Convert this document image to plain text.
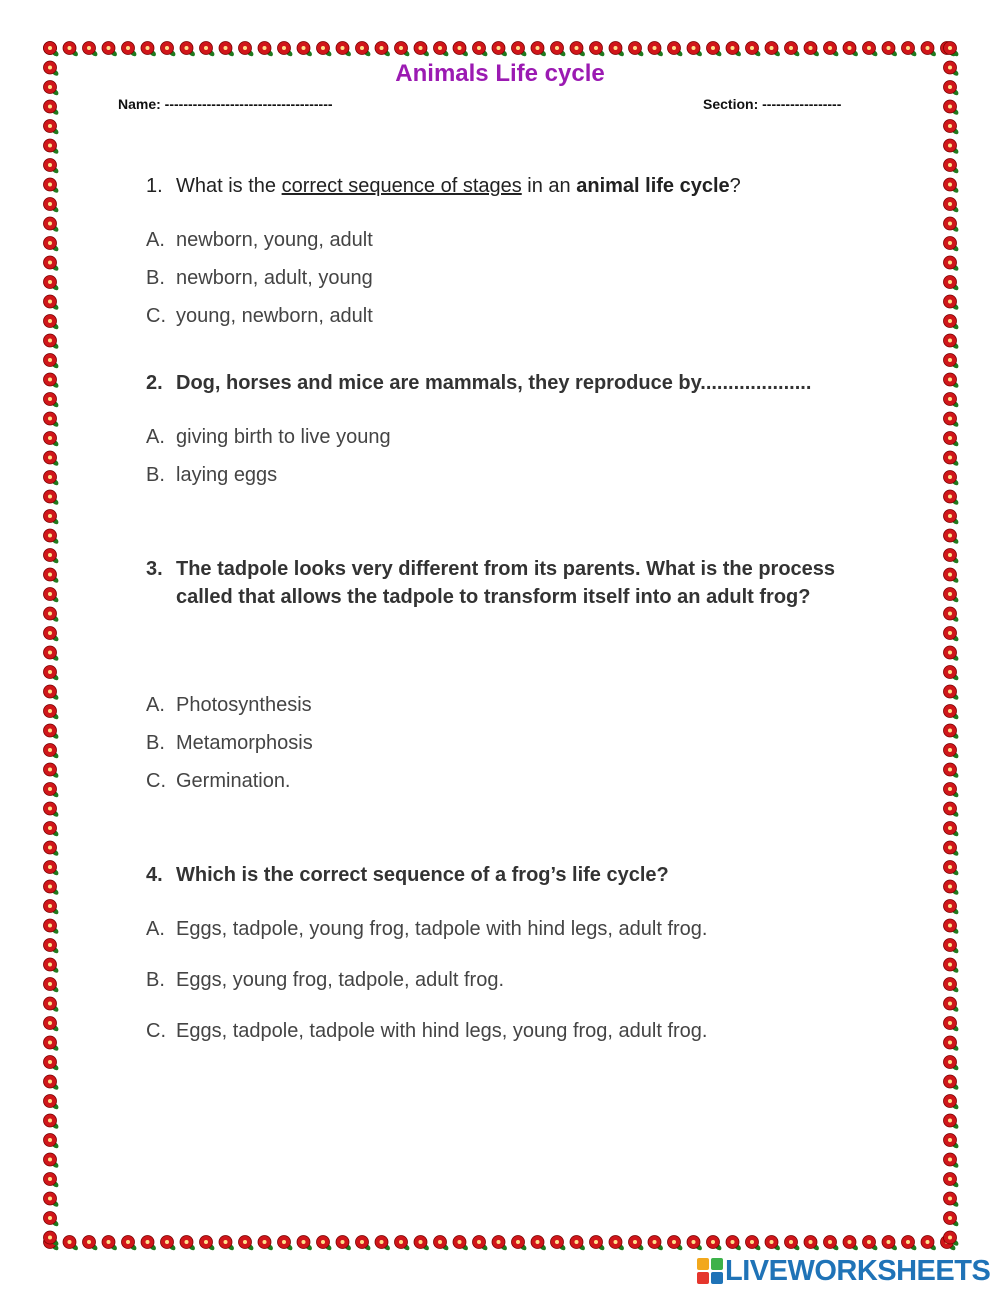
Animals Life cycle
Name: ------------------------------------	Section: -----------------
1. What is the correct sequence of stages in an animal life cycle?
A. newborn, young, adult
B. newborn, adult, young
C. young, newborn, adult
2. Dog, horses and mice are mammals, they reproduce by....................
A. giving birth to live young
B. laying eggs
3. The tadpole looks very different from its parents. What is the process called that allows the tadpole to transform itself into an adult frog?
A. Photosynthesis
B. Metamorphosis
C. Germination.
4. Which is the correct sequence of a frog’s life cycle?
A. Eggs, tadpole, young frog, tadpole with hind legs, adult frog.
B. Eggs, young frog, tadpole, adult frog.
C. Eggs, tadpole, tadpole with hind legs, young frog, adult frog.
LIVEWORKSHEETS
